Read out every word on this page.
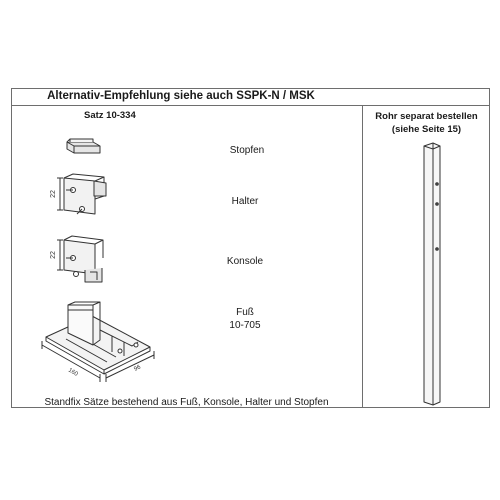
Alternativ-Empfehlung siehe auch SSPK-N / MSK
Satz 10-334	Rohr separat bestellen
(siehe Seite 15)
Stopfen
Halter
Konsole
Fuß
10-705
Standfix Sätze bestehend aus Fuß, Konsole, Halter und Stopfen
22
22
160	96
